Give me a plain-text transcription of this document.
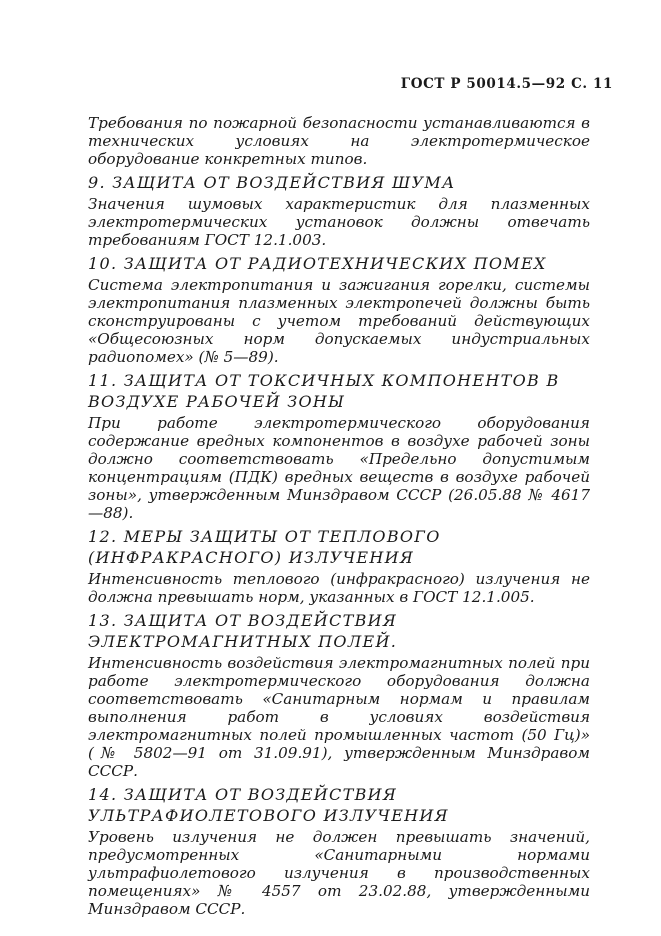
ГОСТ Р 50014.5—92 С. 11

Требования по пожарной безопасности устанавливаются в технических условиях на электротермическое оборудование конкретных типов.

9. ЗАЩИТА ОТ ВОЗДЕЙСТВИЯ ШУМА

Значения шумовых характеристик для плазменных электротермических установок должны отвечать требованиям ГОСТ 12.1.003.

10. ЗАЩИТА ОТ РАДИОТЕХНИЧЕСКИХ ПОМЕХ

Система электропитания и зажигания горелки, системы электропитания плазменных электропечей должны быть сконструированы с учетом требований действующих «Общесоюзных норм допускаемых индустриальных радиопомех» (№ 5—89).

11. ЗАЩИТА ОТ ТОКСИЧНЫХ КОМПОНЕНТОВ В ВОЗДУХЕ РАБОЧЕЙ ЗОНЫ

При работе электротермического оборудования содержание вредных компонентов в воздухе рабочей зоны должно соответствовать «Предельно допустимым концентрациям (ПДК) вредных веществ в воздухе рабочей зоны», утвержденным Минздравом СССР (26.05.88 № 4617—88).

12. МЕРЫ ЗАЩИТЫ ОТ ТЕПЛОВОГО (ИНФРАКРАСНОГО) ИЗЛУЧЕНИЯ

Интенсивность теплового (инфракрасного) излучения не должна превышать норм, указанных в ГОСТ 12.1.005.

13. ЗАЩИТА ОТ ВОЗДЕЙСТВИЯ ЭЛЕКТРОМАГНИТНЫХ ПОЛЕЙ.

Интенсивность воздействия электромагнитных полей при работе электротермического оборудования должна соответствовать «Санитарным нормам и правилам выполнения работ в условиях воздействия электромагнитных полей промышленных частот (50 Гц)» (№ 5802—91 от 31.09.91), утвержденным Минздравом СССР.

14. ЗАЩИТА ОТ ВОЗДЕЙСТВИЯ УЛЬТРАФИОЛЕТОВОГО ИЗЛУЧЕНИЯ

Уровень излучения не должен превышать значений, предусмотренных «Санитарными нормами ультрафиолетового излучения в производственных помещениях» № 4557 от 23.02.88, утвержденными Минздравом СССР.
